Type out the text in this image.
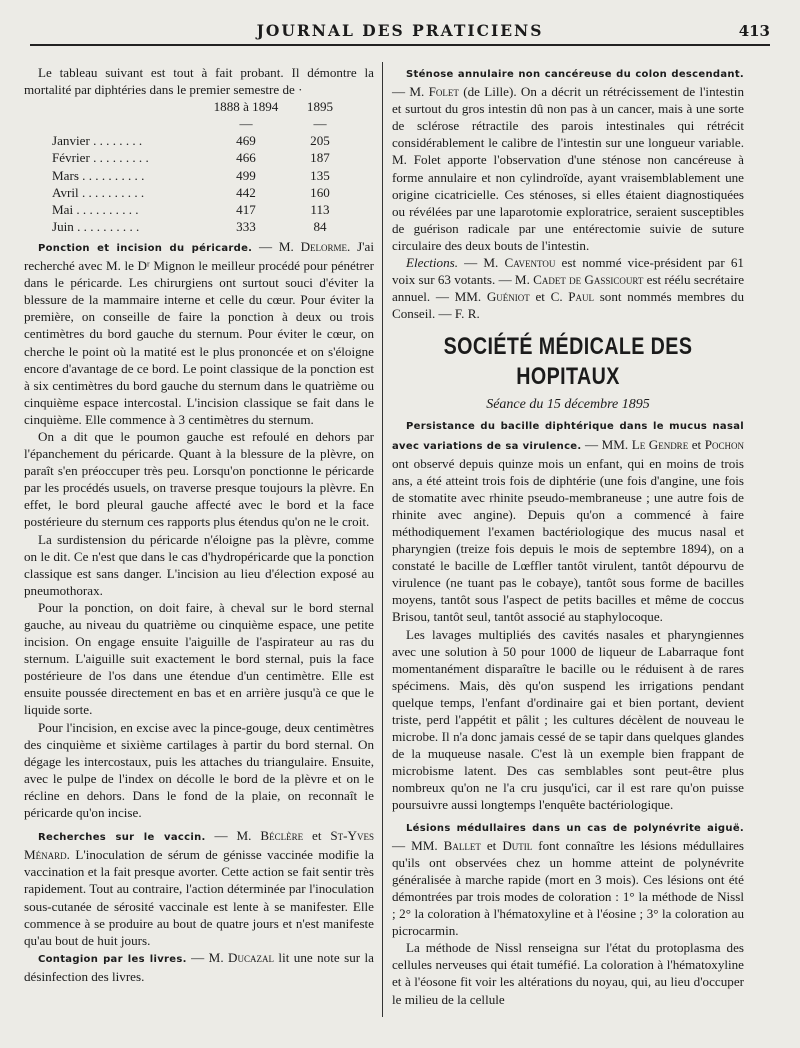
JOURNAL DES PRATICIENS	413

Le tableau suivant est tout à fait probant. Il démontre la mortalité par diphtéries dans le premier semestre de ·

	1888 à 1894	1895
	—	—
Janvier . . . . . . . .	469	205
Février . . . . . . . . .	466	187
Mars . . . . . . . . . .	499	135
Avril . . . . . . . . . .	442	160
Mai . . . . . . . . . .	417	113
Juin . . . . . . . . . .	333	84

Ponction et incision du péricarde. — M. Delorme. J'ai recherché avec M. le Dʳ Mignon le meilleur procédé pour pénétrer dans le péricarde. Les chirurgiens ont surtout souci d'éviter la blessure de la mammaire interne et celle du cœur. Pour éviter la première, on conseille de faire la ponction à deux ou trois centimètres du bord gauche du sternum. Pour éviter le cœur, on cherche le point où la matité est le plus prononcée et on s'éloigne encore d'avantage de ce bord. Le point classique de la ponction est à six centimètres du bord gauche du sternum dans le quatrième ou cinquième espace intercostal. L'incision classique se fait dans le cinquième. Elle commence à 3 centimètres du sternum.

On a dit que le poumon gauche est refoulé en dehors par l'épanchement du péricarde. Quant à la blessure de la plèvre, on paraît s'en préoccuper très peu. Lorsqu'on ponctionne le péricarde par les procédés usuels, on traverse presque toujours la plèvre. En effet, le bord pleural gauche affecté avec le bord et la face postérieure du sternum ces rapports plus étendus qu'on ne le croit.

La surdistension du péricarde n'éloigne pas la plèvre, comme on le dit. Ce n'est que dans le cas d'hydropéricarde que la ponction classique est sans danger. L'incision au lieu d'élection exposé au pneumothorax.

Pour la ponction, on doit faire, à cheval sur le bord sternal gauche, au niveau du quatrième ou cinquième espace, une petite incision. On engage ensuite l'aiguille de l'aspirateur au ras du sternum. L'aiguille suit exactement le bord sternal, puis la face postérieure de l'os dans une étendue d'un centimètre. Elle est ensuite poussée directement en bas et en arrière jusqu'à ce que le liquide sorte.

Pour l'incision, en excise avec la pince-gouge, deux centimètres des cinquième et sixième cartilages à partir du bord sternal. On dégage les intercostaux, puis les attaches du triangulaire. Ensuite, avec le pulpe de l'index on décolle le bord de la plèvre et on le récline en dehors. Dans le fond de la plaie, on reconnaît le péricarde qu'on incise.

Recherches sur le vaccin. — M. Béclère et St-Yves Ménard. L'inoculation de sérum de génisse vaccinée modifie la vaccination et la fait presque avorter. Cette action se fait sentir très rapidement. Tout au contraire, l'action déterminée par l'inoculation sous-cutanée de sérosité vaccinale est lente à se manifester. Elle commence à se produire au bout de quatre jours et n'est manifeste qu'au bout de huit jours.

Contagion par les livres. — M. Ducazal lit une note sur la désinfection des livres.

Sténose annulaire non cancéreuse du colon descendant. — M. Folet (de Lille). On a décrit un rétrécissement de l'intestin et surtout du gros intestin dû non pas à un cancer, mais à une sorte de sclérose rétractile des parois intestinales qui rétrécit considérablement le calibre de l'intestin sur une longueur variable. M. Folet apporte l'observation d'une sténose non cancéreuse à forme annulaire et non cylindroïde, ayant vraisemblablement une origine cicatricielle. Ces sténoses, si elles étaient diagnostiquées ou révélées par une laparotomie exploratrice, seraient susceptibles de guérison radicale par une entérectomie suivie de suture circulaire des deux bouts de l'intestin.

Elections. — M. Caventou est nommé vice-président par 61 voix sur 63 votants. — M. Cadet de Gassicourt est réélu secrétaire annuel. — MM. Guéniot et C. Paul sont nommés membres du Conseil. — F. R.

SOCIÉTÉ MÉDICALE DES HOPITAUX
Séance du 15 décembre 1895

Persistance du bacille diphtérique dans le mucus nasal avec variations de sa virulence. — MM. Le Gendre et Pochon ont observé depuis quinze mois un enfant, qui en moins de trois ans, a été atteint trois fois de diphtérie (une fois d'angine, une fois de stomatite avec rhinite pseudo-membraneuse ; une autre fois de rhinite avec angine). Depuis qu'on a commencé à faire méthodiquement l'examen bactériologique des mucus nasal et pharyngien (treize fois depuis le mois de septembre 1894), on a constaté le bacille de Lœffler tantôt virulent, tantôt dépourvu de virulence (ne tuant pas le cobaye), tantôt sous forme de bacilles moyens, tantôt sous l'aspect de petits bacilles et même de coccus Brisou, tantôt seul, tantôt associé au staphylocoque.

Les lavages multipliés des cavités nasales et pharyngiennes avec une solution à 50 pour 1000 de liqueur de Labarraque font momentanément disparaître le bacille ou le réduisent à de rares spécimens. Mais, dès qu'on suspend les irrigations pendant quelque temps, l'enfant d'ordinaire gai et bien portant, devient triste, perd l'appétit et pâlit ; les cultures décèlent de nouveau le microbe. Il n'a donc jamais cessé de se tapir dans quelques glandes de la muqueuse nasale. C'est là un exemple bien frappant de microbisme latent. Des cas semblables sont peut-être plus nombreux qu'on ne l'a cru jusqu'ici, car il est rare qu'on puisse poursuivre aussi longtemps l'enquête bactériologique.

Lésions médullaires dans un cas de polynévrite aiguë. — MM. Ballet et Dutil font connaître les lésions médullaires qu'ils ont observées chez un homme atteint de polynévrite généralisée à marche rapide (mort en 3 mois). Ces lésions ont été démontrées par trois modes de coloration : 1° la méthode de Nissl ; 2° la coloration à l'hématoxyline et à l'éosine ; 3° la coloration au picrocarmin.

La méthode de Nissl renseigna sur l'état du protoplasma des cellules nerveuses qui était tuméfié. La coloration à l'hématoxyline et à l'éosone fit voir les altérations du noyau, qui, au lieu d'occuper le milieu de la cellule
